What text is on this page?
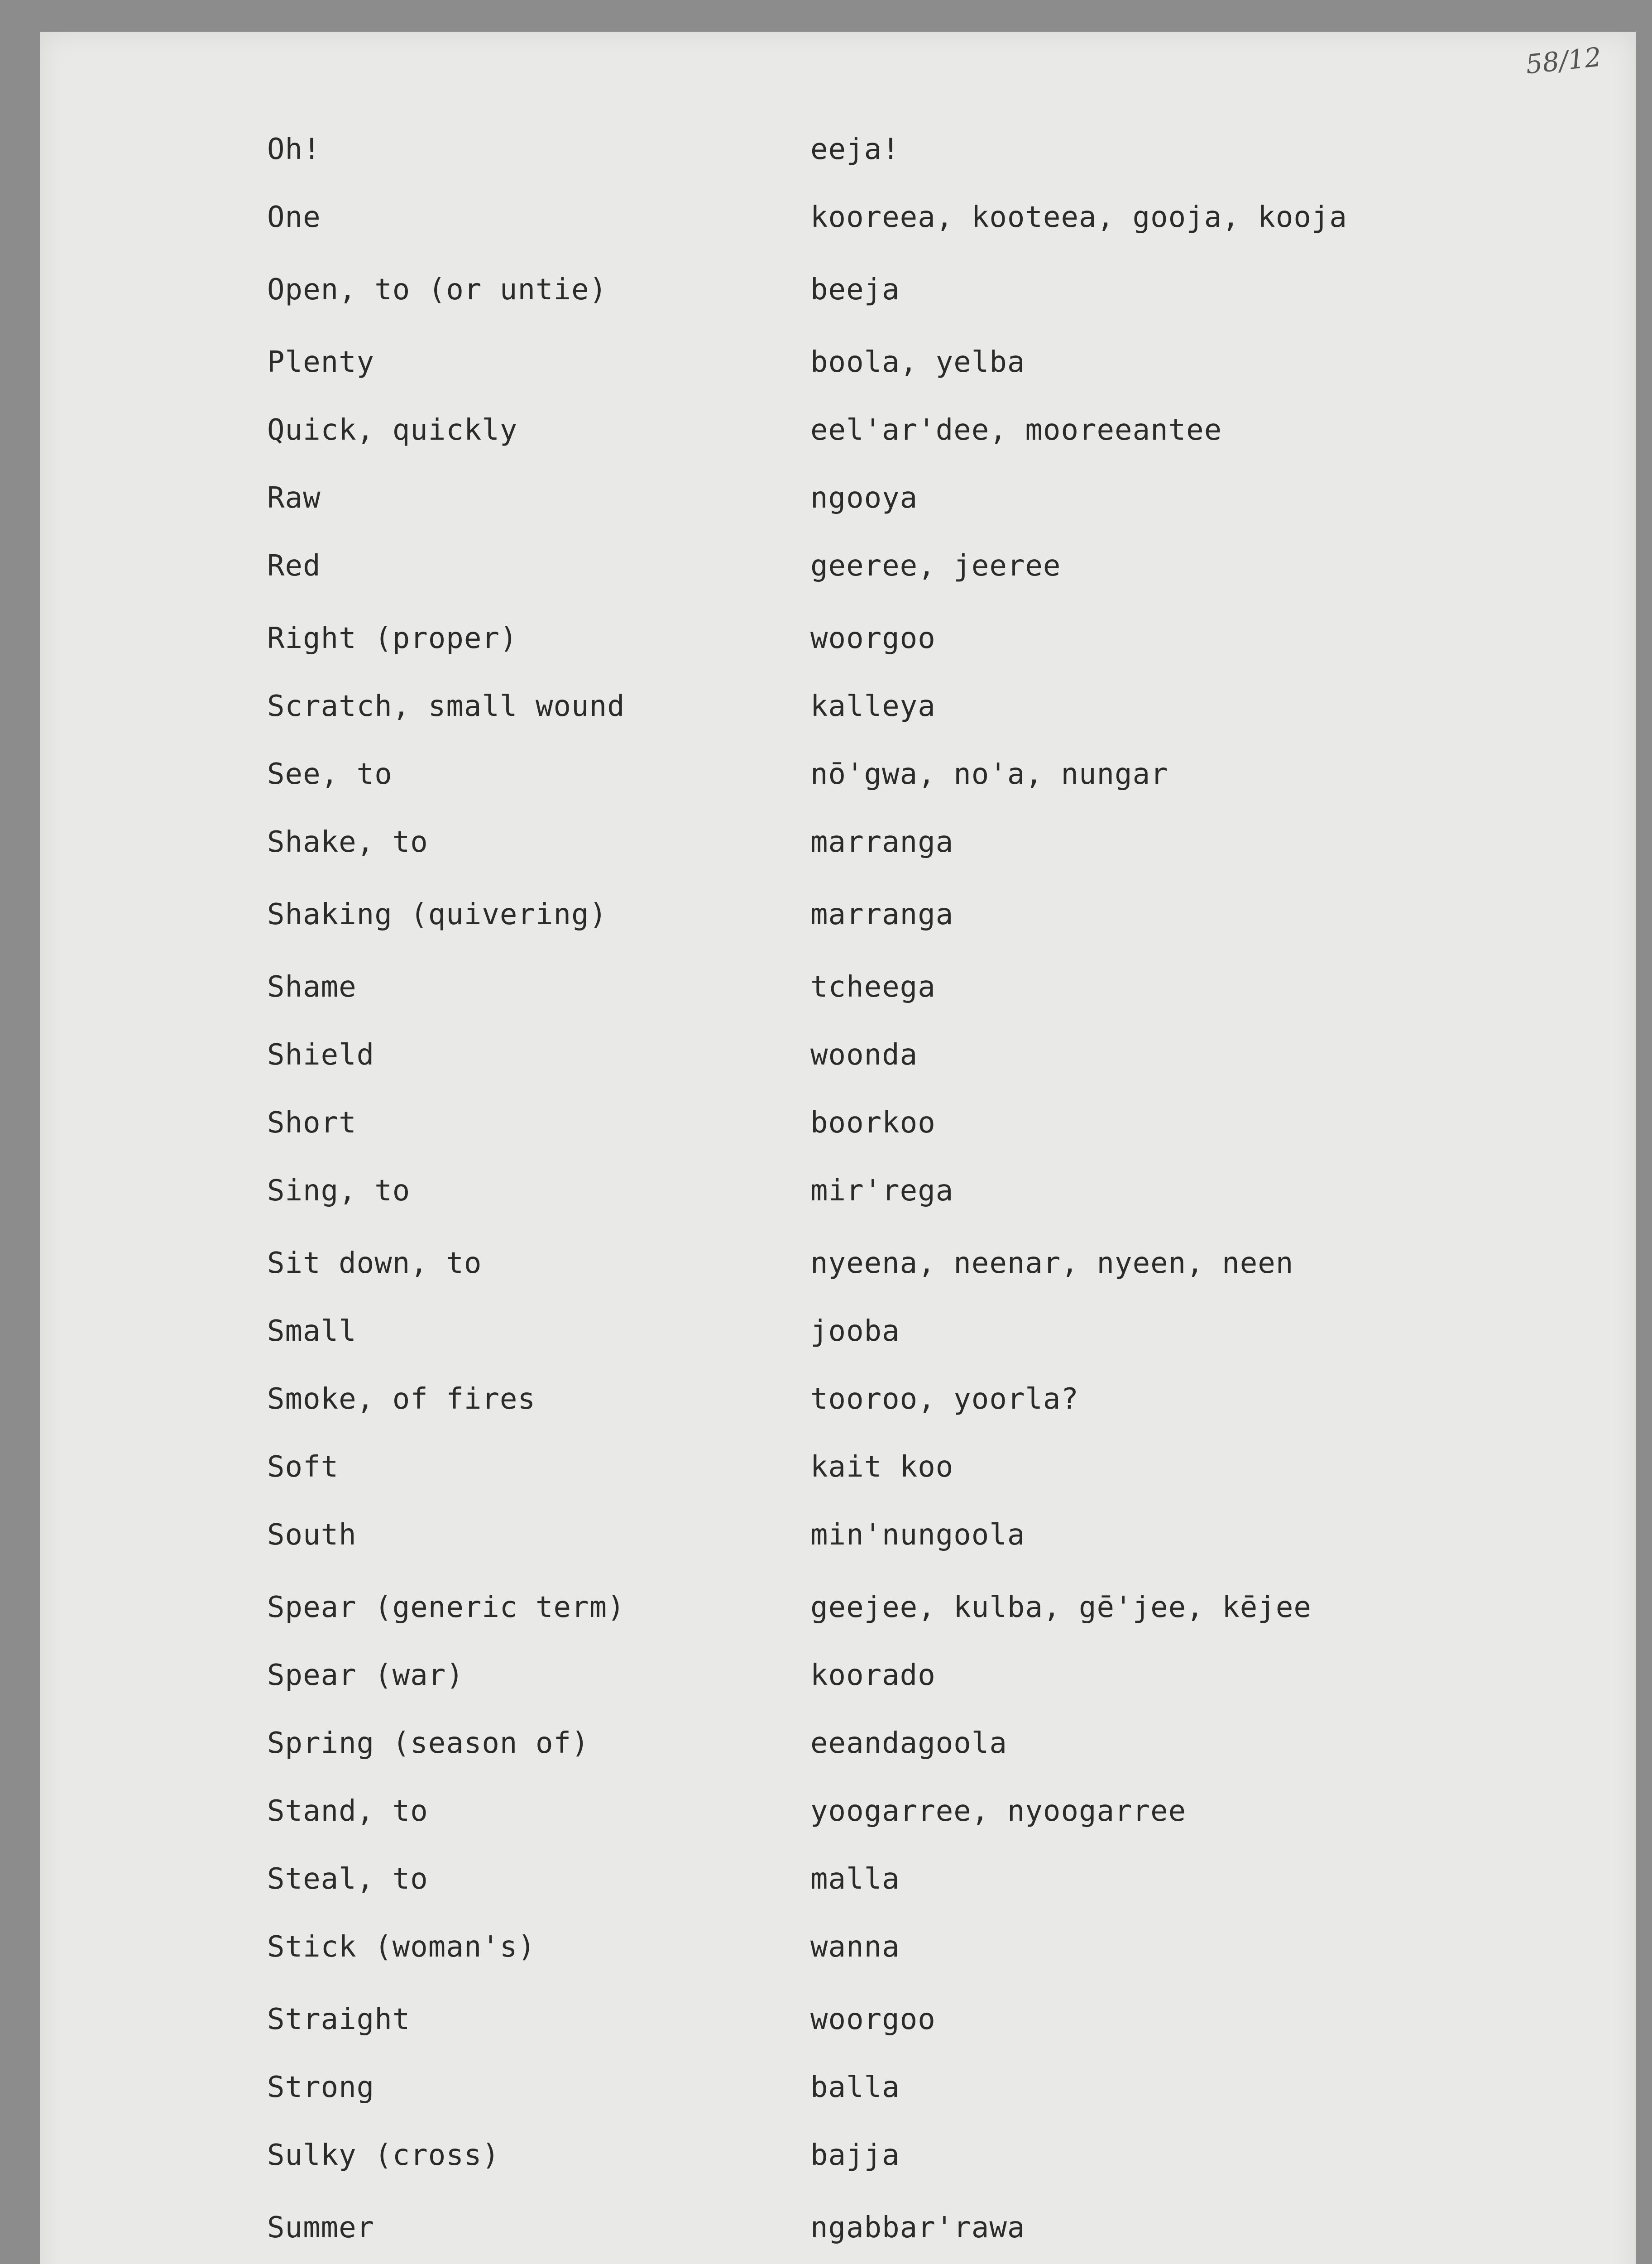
58/12
Oh!	eeja!
One	kooreea, kooteea, gooja, kooja
Open, to (or untie)	beeja
Plenty	boola, yelba
Quick, quickly	eel'ar'dee, mooreeantee
Raw	ngooya
Red	geeree, jeeree
Right (proper)	woorgoo
Scratch, small wound	kalleya
See, to	nō'gwa, no'a, nungar
Shake, to	marranga
Shaking (quivering)	marranga
Shame	tcheega
Shield	woonda
Short	boorkoo
Sing, to	mir'rega
Sit down, to	nyeena, neenar, nyeen, neen
Small	jooba
Smoke, of fires	tooroo, yoorla?
Soft	kait koo
South	min'nungoola
Spear (generic term)	geejee, kulba, gē'jee, kējee
Spear (war)	koorado
Spring (season of)	eeandagoola
Stand, to	yoogarree, nyoogarree
Steal, to	malla
Stick (woman's)	wanna
Straight	woorgoo
Strong	balla
Sulky (cross)	bajja
Summer	ngabbar'rawa
